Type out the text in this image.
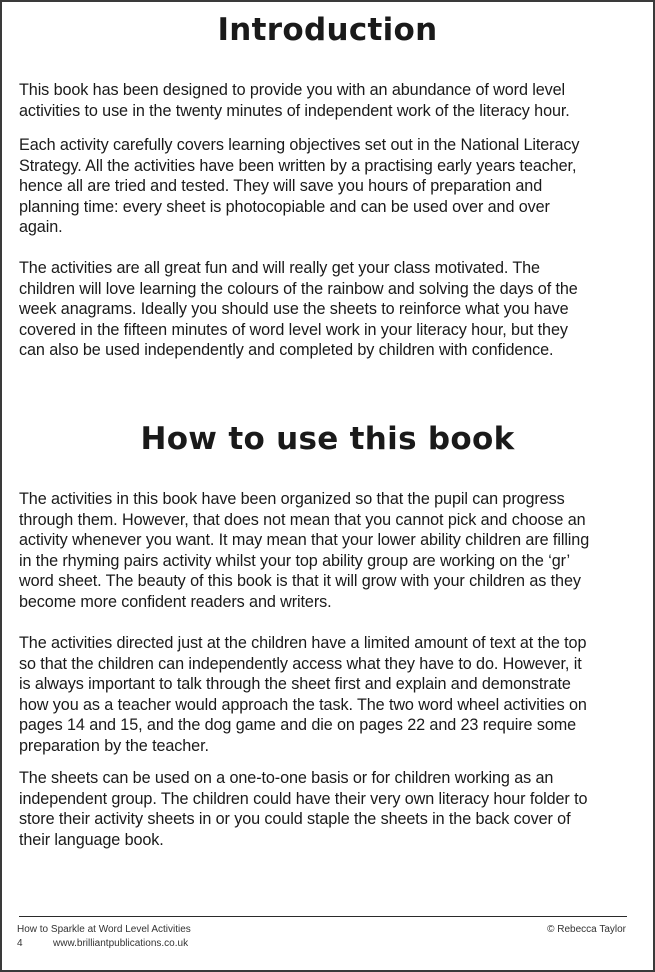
Introduction

This book has been designed to provide you with an abundance of word level
activities to use in the twenty minutes of independent work of the literacy hour.

Each activity carefully covers learning objectives set out in the National Literacy
Strategy. All the activities have been written by a practising early years teacher,
hence all are tried and tested. They will save you hours of preparation and
planning time: every sheet is photocopiable and can be used over and over
again.

The activities are all great fun and will really get your class motivated. The
children will love learning the colours of the rainbow and solving the days of the
week anagrams. Ideally you should use the sheets to reinforce what you have
covered in the fifteen minutes of word level work in your literacy hour, but they
can also be used independently and completed by children with confidence.

How to use this book

The activities in this book have been organized so that the pupil can progress
through them. However, that does not mean that you cannot pick and choose an
activity whenever you want. It may mean that your lower ability children are filling
in the rhyming pairs activity whilst your top ability group are working on the ‘gr’
word sheet. The beauty of this book is that it will grow with your children as they
become more confident readers and writers.

The activities directed just at the children have a limited amount of text at the top
so that the children can independently access what they have to do. However, it
is always important to talk through the sheet first and explain and demonstrate
how you as a teacher would approach the task. The two word wheel activities on
pages 14 and 15, and the dog game and die on pages 22 and 23 require some
preparation by the teacher.

The sheets can be used on a one-to-one basis or for children working as an
independent group. The children could have their very own literacy hour folder to
store their activity sheets in or you could staple the sheets in the back cover of
their language book.

How to Sparkle at Word Level Activities
4	www.brilliantpublications.co.uk
© Rebecca Taylor
